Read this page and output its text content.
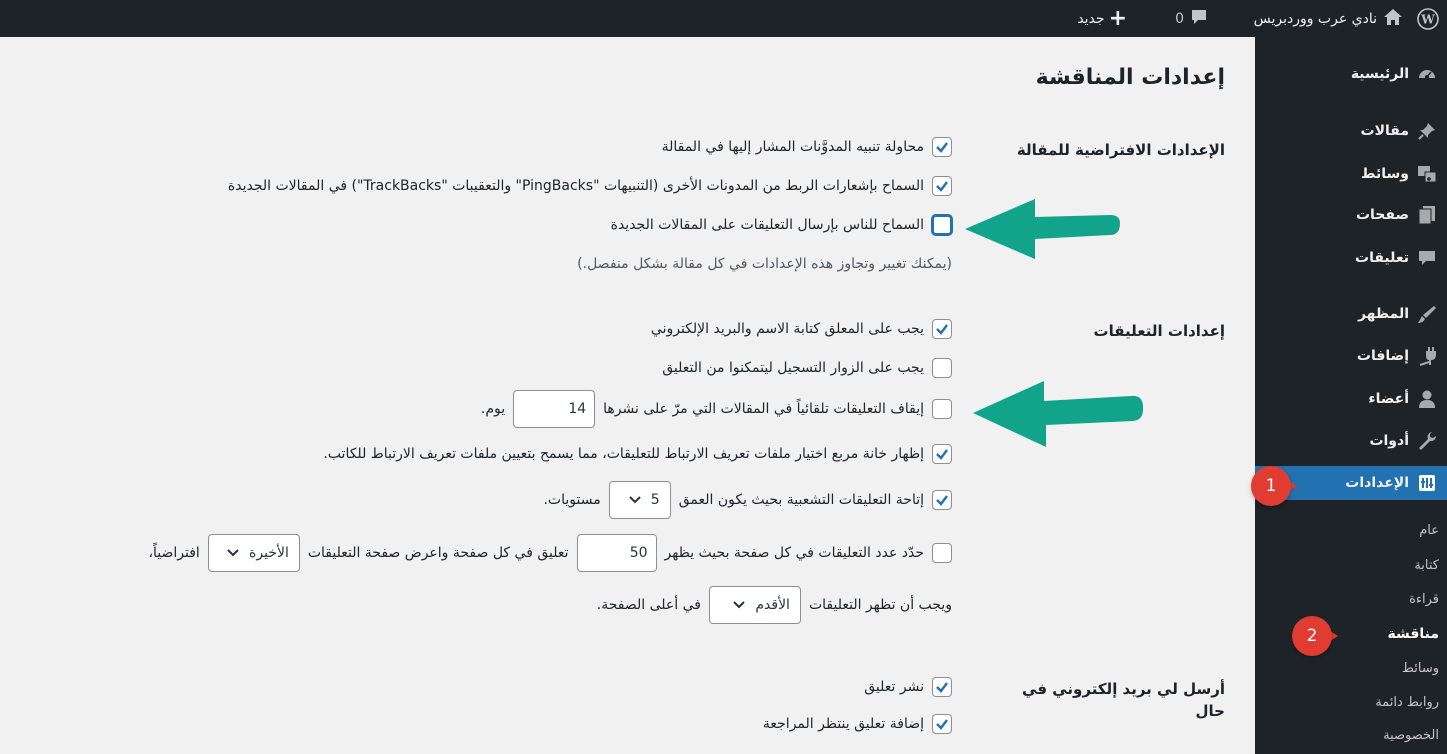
W
نادي عرب ووردبريس
0
+
جديد
الرئيسية
مقالات
وسائط
صفحات
تعليقات
المظهر
إضافات
أعضاء
أدوات
الإعدادات
عام
كتابة
قراءة
مناقشة
وسائط
روابط دائمة
الخصوصية
1
2
إعدادات المناقشة
الإعدادات الافتراضية للمقالة
محاولة تنبيه المدوَّنات المشار إليها في المقالة
السماح بإشعارات الربط من المدونات الأخرى (التنبيهات "PingBacks" والتعقيبات "TrackBacks") في المقالات الجديدة
السماح للناس بإرسال التعليقات على المقالات الجديدة
(يمكنك تغيير وتجاوز هذه الإعدادات في كل مقالة بشكل منفصل.)
إعدادات التعليقات
يجب على المعلق كتابة الاسم والبريد الإلكتروني
يجب على الزوار التسجيل ليتمكنوا من التعليق
إيقاف التعليقات تلقائياً في المقالات التي مرّ على نشرها
14
يوم.
إظهار خانة مربع اختيار ملفات تعريف الارتباط للتعليقات، مما يسمح بتعيين ملفات تعريف الارتباط للكاتب.
إتاحة التعليقات التشعبية بحيث يكون العمق
5
مستويات.
حدّد عدد التعليقات في كل صفحة بحيث يظهر
50
تعليق في كل صفحة واعرض صفحة التعليقات
الأخيرة
افتراضياً،
ويجب أن تظهر التعليقات
الأقدم
في أعلى الصفحة.
أرسل لي بريد إلكتروني في حال
نشر تعليق
إضافة تعليق ينتظر المراجعة
